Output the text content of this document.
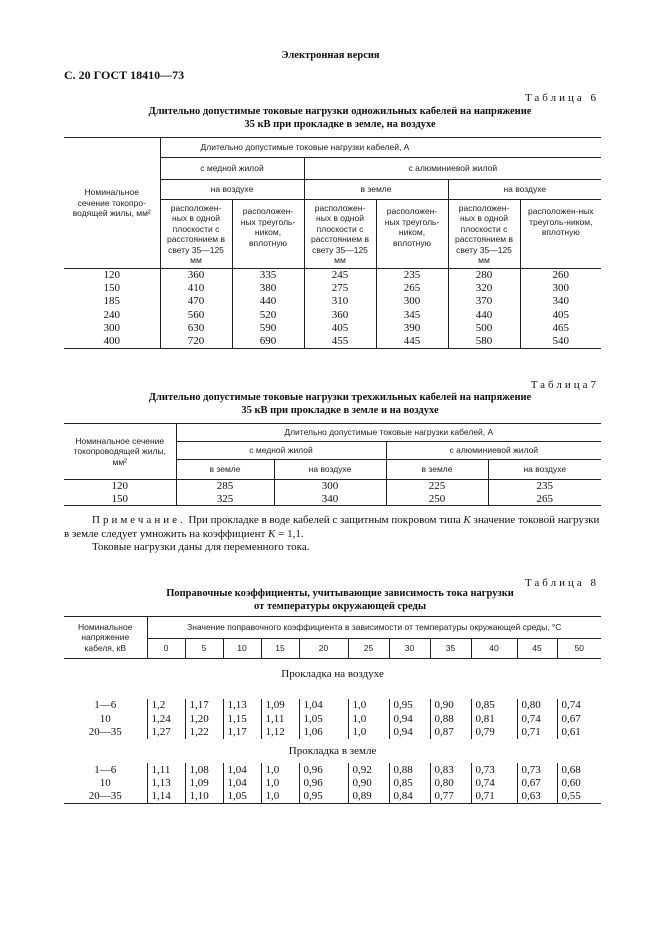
Электронная версия
С. 20 ГОСТ 18410—73
Таблица 6
Длительно допустимые токовые нагрузки одножильных кабелей на напряжение
35 кВ при прокладке в земле, на воздухе
Номинальное сечение токопро-водящей жилы, мм²	Длительно допустимые токовые нагрузки кабелей, А					
	с медной жилой		с алюминиевой жилой			
	на воздухе		в земле		на воздухе	
	расположен-ных в одной плоскости с расстоянием в свету 35—125 мм	расположен-ных треуголь-ником, вплотную	расположен-ных в одной плоскости с расстоянием в свету 35—125 мм	расположен-ных треуголь-ником, вплотную	расположен-ных в одной плоскости с расстоянием в свету 35—125 мм	расположен-ных треуголь-ником, вплотную
120	360	335	245	235	280	260
150	410	380	275	265	320	300
185	470	440	310	300	370	340
240	560	520	360	345	440	405
300	630	590	405	390	500	465
400	720	690	455	445	580	540
Таблица7
Длительно допустимые токовые нагрузки трехжильных кабелей на напряжение
35 кВ при прокладке в земле и на воздухе
Номинальное сечение токопроводящей жилы, мм²	Длительно допустимые токовые нагрузки кабелей, А			
	с медной жилой		с алюминиевой жилой	
	в земле	на воздухе	в земле	на воздухе
120	285	300	225	235
150	325	340	250	265
Примечание. При прокладке в воде кабелей с защитным покровом типа K значение токовой нагрузки в земле следует умножить на коэффициент K = 1,1.
Токовые нагрузки даны для переменного тока.
Таблица 8
Поправочные коэффициенты, учитывающие зависимость тока нагрузки
от температуры окружающей среды
Номинальное напряжение кабеля, кВ	Значение поправочного коэффициента в зависимости от температуры окружающей среды, °С										
	0	5	10	15	20	25	30	35	40	45	50
Прокладка на воздухе											

1—6	1,2	1,17	1,13	1,09	1,04	1,0	0,95	0,90	0,85	0,80	0,74
10	1,24	1,20	1,15	1,11	1,05	1,0	0,94	0,88	0,81	0,74	0,67
20—35	1,27	1,22	1,17	1,12	1,06	1,0	0,94	0,87	0,79	0,71	0,61
Прокладка в земле											
1—6	1,11	1,08	1,04	1,0	0,96	0,92	0,88	0,83	0,73	0,73	0,68
10	1,13	1,09	1,04	1,0	0,96	0,90	0,85	0,80	0,74	0,67	0,60
20—35	1,14	1,10	1,05	1,0	0,95	0,89	0,84	0,77	0,71	0,63	0,55
